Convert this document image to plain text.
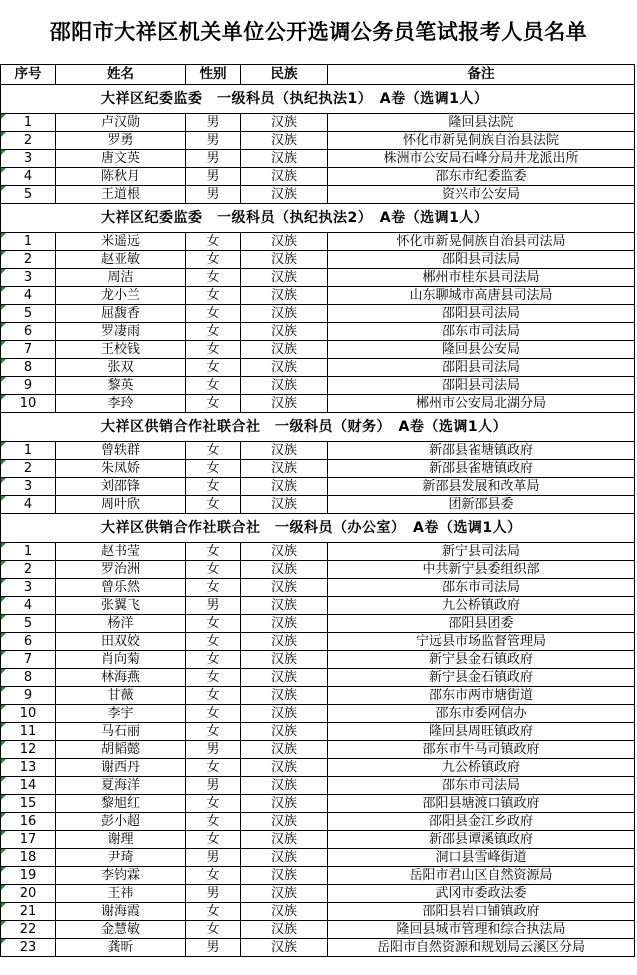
邵阳市大祥区机关单位公开选调公务员笔试报考人员名单
序号	姓名	性别	民族	备注
大祥区纪委监委　一级科员（执纪执法1）　A卷（选调1人）				

1	卢汉勋	男	汉族	隆回县法院

2	罗勇	男	汉族	怀化市新晃侗族自治县法院

3	唐文英	男	汉族	株洲市公安局石峰分局井龙派出所

4	陈秋月	男	汉族	邵东市纪委监委

5	王道根	男	汉族	资兴市公安局
大祥区纪委监委　一级科员（执纪执法2）　A卷（选调1人）				

1	米遥远	女	汉族	怀化市新晃侗族自治县司法局

2	赵亚敏	女	汉族	邵阳县司法局

3	周洁	女	汉族	郴州市桂东县司法局

4	龙小兰	女	汉族	山东聊城市高唐县司法局

5	屈馥香	女	汉族	邵阳县司法局

6	罗凄雨	女	汉族	邵东市司法局

7	王校钱	女	汉族	隆回县公安局

8	张双	女	汉族	邵阳县司法局

9	黎英	女	汉族	邵阳县司法局

10	李玲	女	汉族	郴州市公安局北湖分局
大祥区供销合作社联合社　一级科员（财务）　A卷（选调1人）				

1	曾轶群	女	汉族	新邵县雀塘镇政府

2	朱凤娇	女	汉族	新邵县雀塘镇政府

3	刘邵锋	女	汉族	新邵县发展和改革局

4	周叶欣	女	汉族	团新邵县委
大祥区供销合作社联合社　一级科员（办公室）　A卷（选调1人）				

1	赵书莹	女	汉族	新宁县司法局

2	罗治洲	女	汉族	中共新宁县委组织部

3	曾乐然	女	汉族	邵东市司法局

4	张翼飞	男	汉族	九公桥镇政府

5	杨洋	女	汉族	邵阳县团委

6	田双姣	女	汉族	宁远县市场监督管理局

7	肖向菊	女	汉族	新宁县金石镇政府

8	林海燕	女	汉族	新宁县金石镇政府

9	甘薇	女	汉族	邵东市两市塘街道

10	李宇	女	汉族	邵东市委网信办

11	马石丽	女	汉族	隆回县周旺镇政府

12	胡韬懿	男	汉族	邵东市牛马司镇政府

13	谢西丹	女	汉族	九公桥镇政府

14	夏海洋	男	汉族	邵东市司法局

15	黎旭红	女	汉族	邵阳县塘渡口镇政府

16	彭小超	女	汉族	邵阳县金江乡政府

17	谢理	女	汉族	新邵县谭溪镇政府

18	尹琦	男	汉族	洞口县雪峰街道

19	李钧霖	女	汉族	岳阳市君山区自然资源局

20	王祎	男	汉族	武冈市委政法委

21	谢海霞	女	汉族	邵阳县岩口铺镇政府

22	金慧敏	女	汉族	隆回县城市管理和综合执法局

23	龚昕	男	汉族	岳阳市自然资源和规划局云溪区分局
